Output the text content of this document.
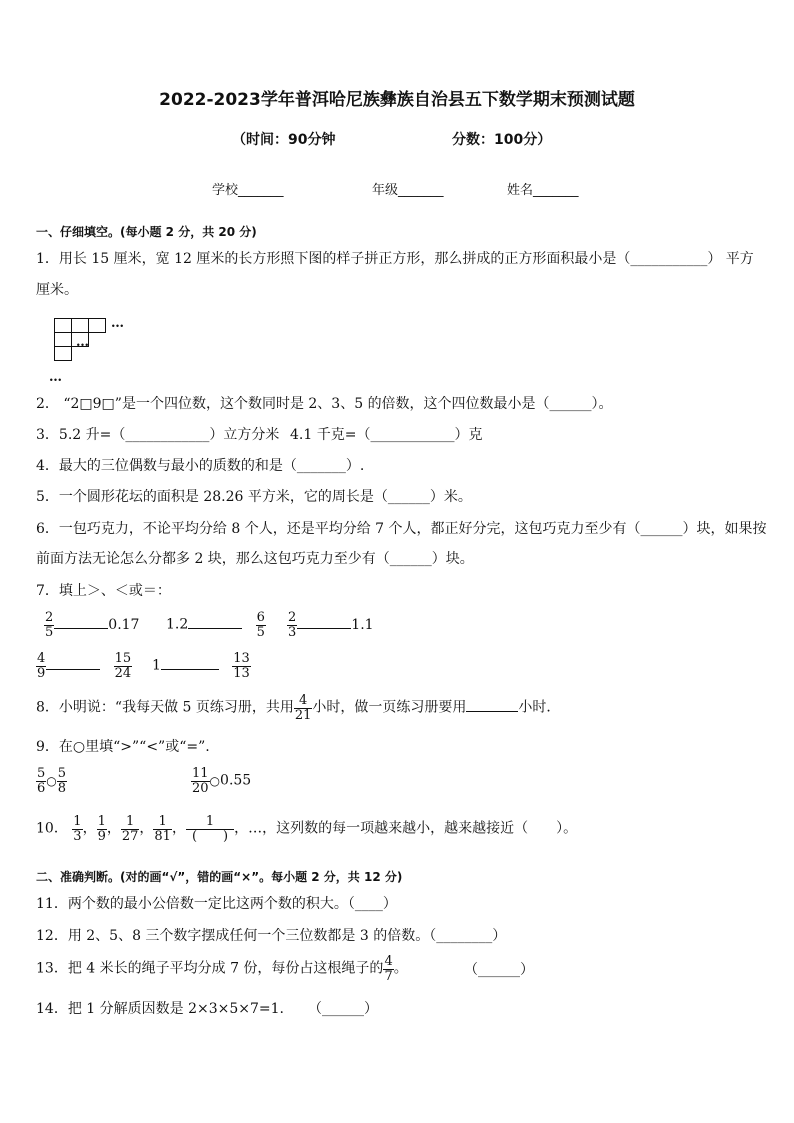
2022-2023学年普洱哈尼族彝族自治县五下数学期末预测试题
（时间：90分钟	分数：100分）
学校_______	年级_______	姓名_______
一、仔细填空。(每小题 2 分，共 20 分)
1．用长 15 厘米，宽 12 厘米的长方形照下图的样子拼正方形，那么拼成的正方形面积最小是（___________） 平方
厘米。
…
…
…
2． “2□9□”是一个四位数，这个数同时是 2、3、5 的倍数，这个四位数最小是（______）。
3．5.2 升=（____________）立方分米 4.1 千克=（____________）克
4．最大的三位偶数与最小的质数的和是（_______）.
5．一个圆形花坛的面积是 28.26 平方米，它的周长是（______）米。
6．一包巧克力，不论平均分给 8 个人，还是平均分给 7 个人，都正好分完，这包巧克力至少有（______）块，如果按
前面方法无论怎么分都多 2 块，那么这包巧克力至少有（______）块。
7．填上＞、＜或＝：
$\frac{2}{5}$	0.17 1.2	$\frac{6}{5} \frac{2}{3}$	1.1
$\frac{4}{9}$
	$\frac{15}{24} 1$	$\frac{13}{13}$
8．小明说：“我每天做 5 页练习册，共用 $\frac{4}{21}$ 小时，做一页练习册要用	小时．
9．在○里填“>”“<”或“=”.
$\frac{5}{6}$ ○ $\frac{5}{8}$	$\frac{11}{20}$ ○0.55
10． $\frac{1}{3}$ ， $\frac{1}{9}$ ， $\frac{1}{27}$ ， $\frac{1}{81}$ ， $\frac{1}{( )}$ ，…，这列数的每一项越来越小，越来越接近（　　）。
二、准确判断。(对的画“√”，错的画“×”。每小题 2 分，共 12 分)
11．两个数的最小公倍数一定比这两个数的积大。（____）
12．用 2、5、8 三个数字摆成任何一个三位数都是 3 的倍数。（________）
13．把 4 米长的绳子平均分成 7 份，每份占这根绳子的 $\frac{4}{7}$ 。	（______）
14．把 1 分解质因数是 2×3×5×7=1. （______）
